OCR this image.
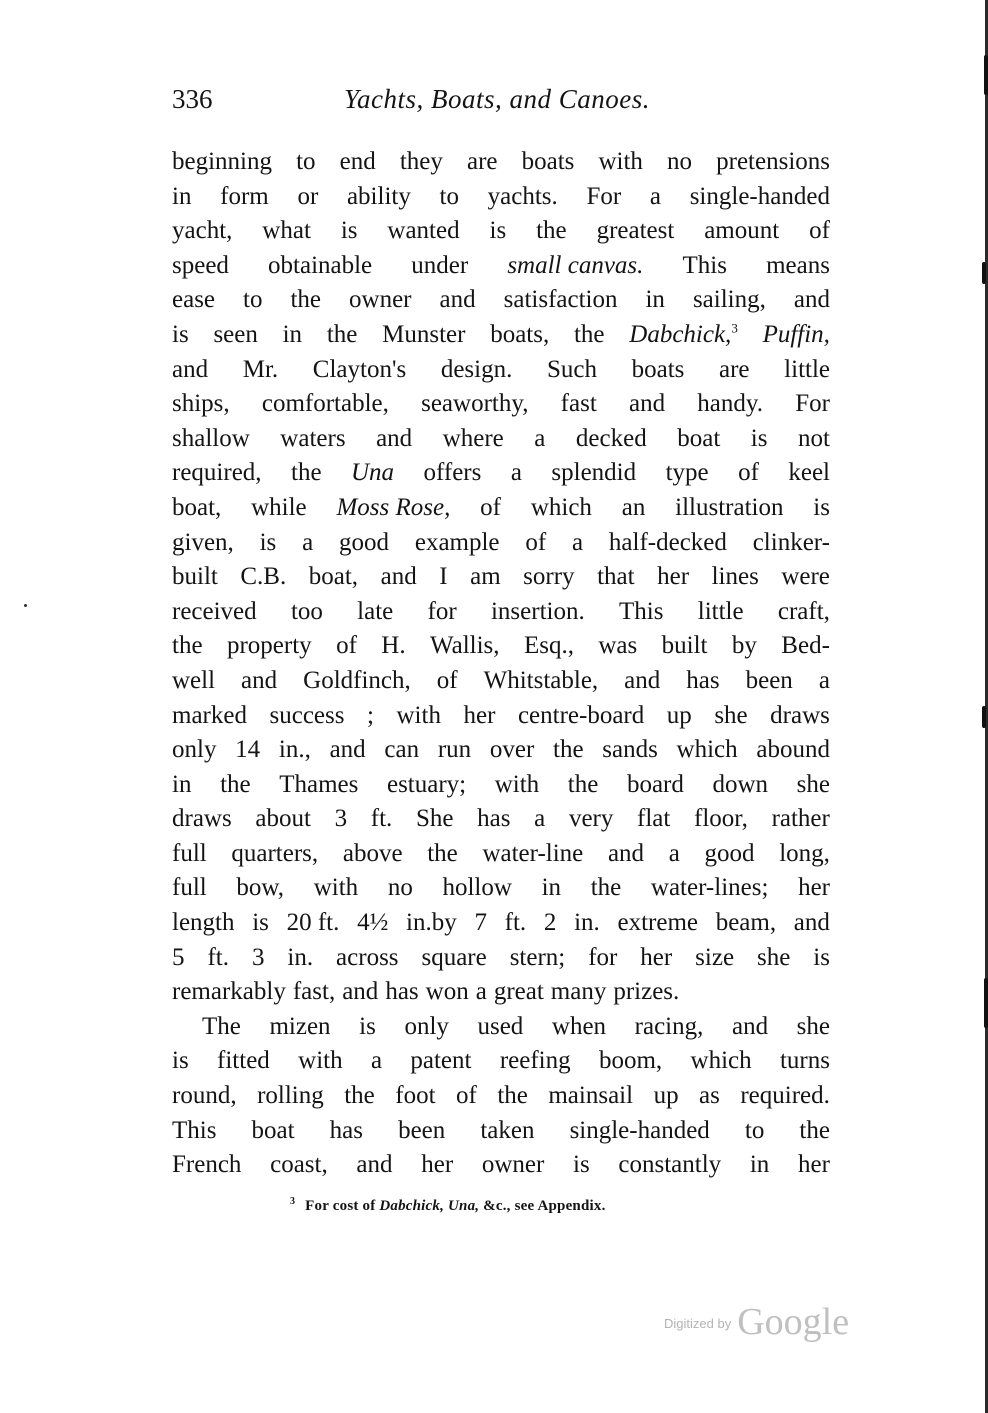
336	Yachts, Boats, and Canoes.
beginning to end they are boats with no pretensions
in form or ability to yachts. For a single-handed
yacht, what is wanted is the greatest amount of
speed obtainable under small canvas. This means
ease to the owner and satisfaction in sailing, and
is seen in the Munster boats, the Dabchick,$^3$ Puffin,
and Mr. Clayton's design. Such boats are little
ships, comfortable, seaworthy, fast and handy. For
shallow waters and where a decked boat is not
required, the Una offers a splendid type of keel
boat, while Moss Rose, of which an illustration is
given, is a good example of a half-decked clinker-
built C.B. boat, and I am sorry that her lines were
received too late for insertion. This little craft,
the property of H. Wallis, Esq., was built by Bed-
well and Goldfinch, of Whitstable, and has been a
marked success ; with her centre-board up she draws
only 14 in., and can run over the sands which abound
in the Thames estuary; with the board down she
draws about 3 ft. She has a very flat floor, rather
full quarters, above the water-line and a good long,
full bow, with no hollow in the water-lines; her
length is 20 ft. 4½ in.by 7 ft. 2 in. extreme beam, and
5 ft. 3 in. across square stern; for her size she is
remarkably fast, and has won a great many prizes.
The mizen is only used when racing, and she
is fitted with a patent reefing boom, which turns
round, rolling the foot of the mainsail up as required.
This boat has been taken single-handed to the
French coast, and her owner is constantly in her
$^3$ For cost of Dabchick, Una, &c., see Appendix.
$^{Digitized by}$ Google
